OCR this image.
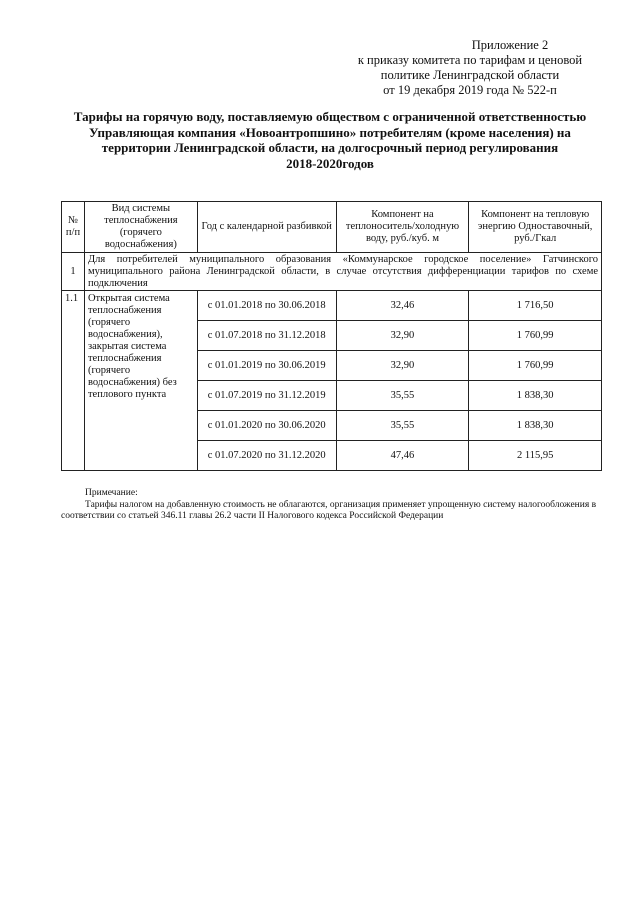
Приложение 2
к приказу комитета по тарифам и ценовой
политике Ленинградской области
от 19 декабря 2019 года № 522-п
Тарифы на горячую воду, поставляемую обществом с ограниченной ответственностью
Управляющая компания «Новоантропшино» потребителям (кроме населения) на
территории Ленинградской области, на долгосрочный период регулирования
2018-2020годов
№ п/п	Вид системы теплоснабжения (горячего водоснабжения)	Год с календарной разбивкой	Компонент на теплоноситель/холодную воду, руб./куб. м	Компонент на тепловую энергию Одноставочный, руб./Гкал
1	Для потребителей муниципального образования «Коммунарское городское поселение» Гатчинского муниципального района Ленинградской области, в случае отсутствия дифференциации тарифов по схеме подключения			
1.1	Открытая система теплоснабжения (горячего водоснабжения), закрытая система теплоснабжения (горячего водоснабжения) без теплового пункта	с 01.01.2018 по 30.06.2018	32,46	1 716,50
		с 01.07.2018 по 31.12.2018	32,90	1 760,99
		с 01.01.2019 по 30.06.2019	32,90	1 760,99
		с 01.07.2019 по 31.12.2019	35,55	1 838,30
		с 01.01.2020 по 30.06.2020	35,55	1 838,30
		с 01.07.2020 по 31.12.2020	47,46	2 115,95
Примечание:
Тарифы налогом на добавленную стоимость не облагаются, организация применяет упрощенную систему налогообложения в соответствии со статьей 346.11 главы 26.2 части II Налогового кодекса Российской Федерации
